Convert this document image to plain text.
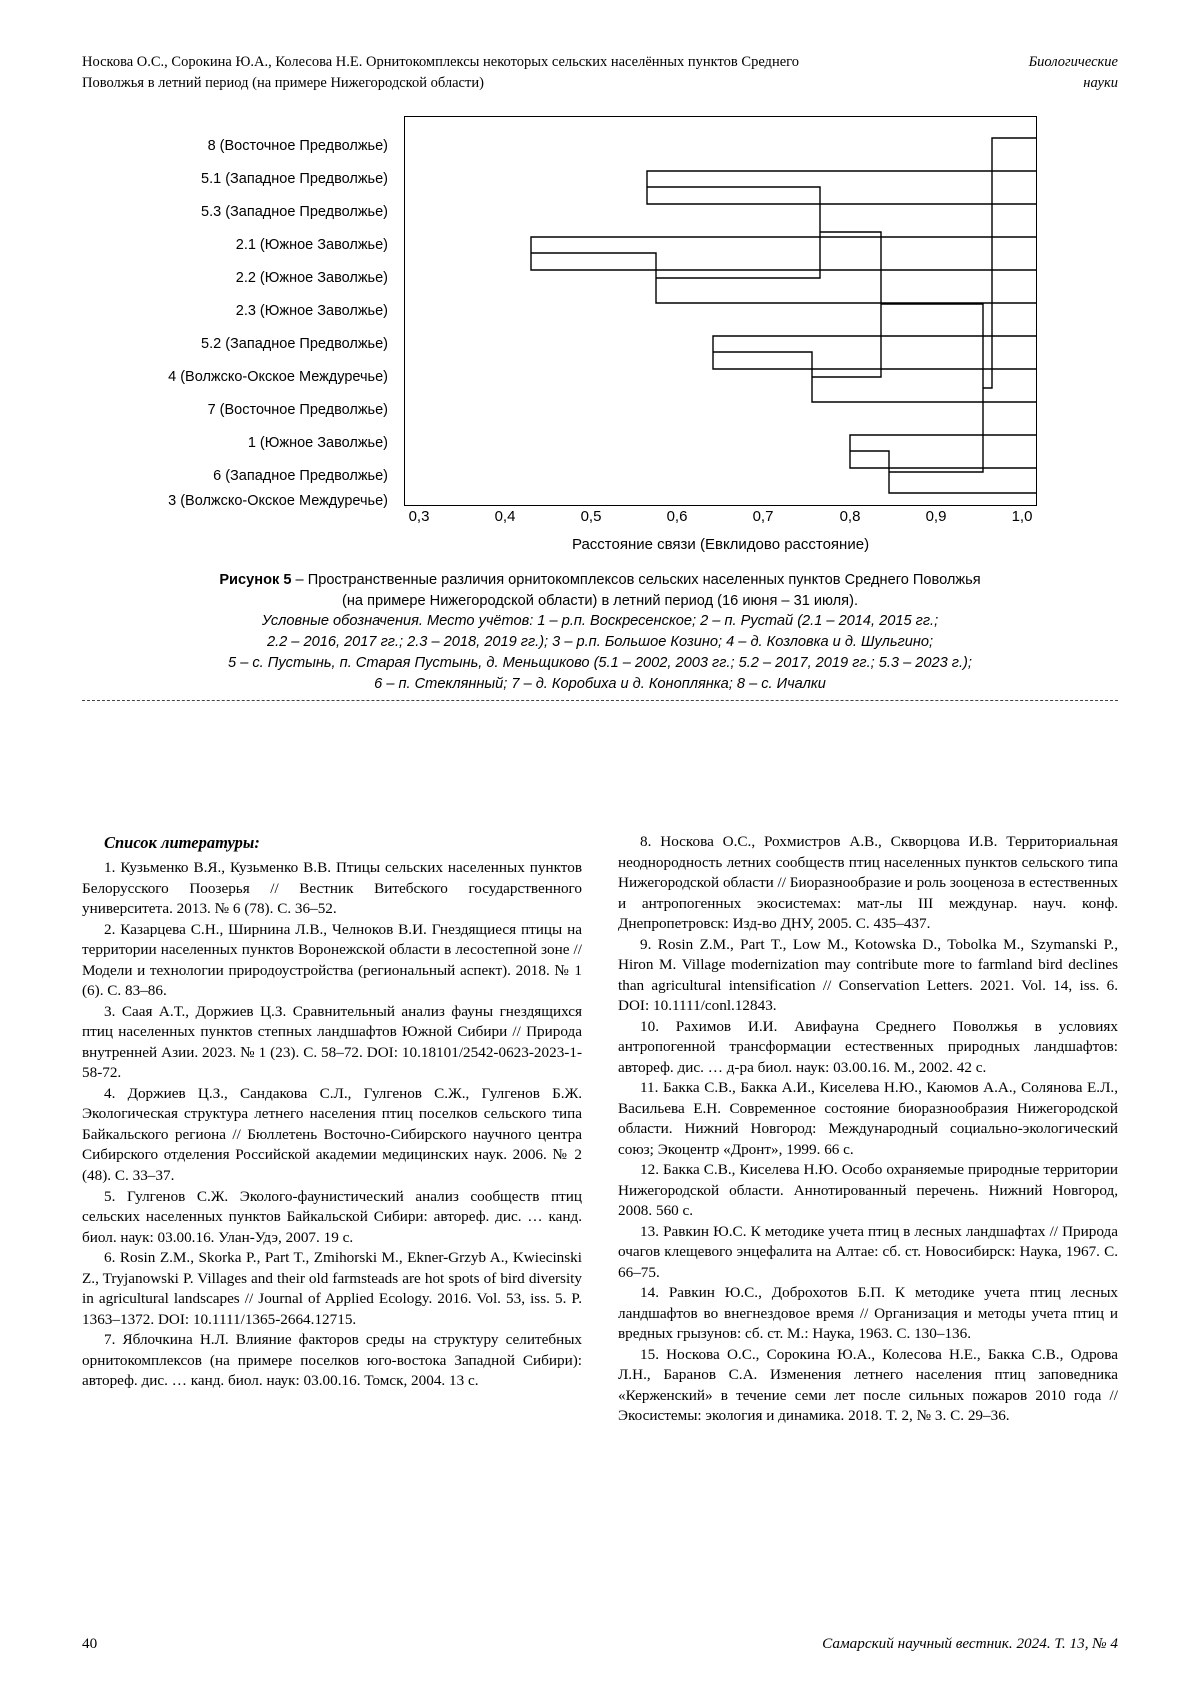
Носкова О.С., Сорокина Ю.А., Колесова Н.Е. Орнитокомплексы некоторых сельских населённых пунктов Среднего Поволжья в летний период (на примере Нижегородской области)
Биологические
науки
8 (Восточное Предволжье)
5.1 (Западное Предволжье)
5.3 (Западное Предволжье)
2.1 (Южное Заволжье)
2.2 (Южное Заволжье)
2.3 (Южное Заволжье)
5.2 (Западное Предволжье)
4 (Волжско-Окское Междуречье)
7 (Восточное Предволжье)
1 (Южное Заволжье)
6 (Западное Предволжье)
3 (Волжско-Окское Междуречье)
0,3	0,4	0,5	0,6	0,7	0,8	0,9	1,0
Расстояние связи (Евклидово расстояние)
Рисунок 5 – Пространственные различия орнитокомплексов сельских населенных пунктов Среднего Поволжья
(на примере Нижегородской области) в летний период (16 июня – 31 июля).
Условные обозначения. Место учётов: 1 – р.п. Воскресенское; 2 – п. Рустай (2.1 – 2014, 2015 гг.;
2.2 – 2016, 2017 гг.; 2.3 – 2018, 2019 гг.); 3 – р.п. Большое Козино; 4 – д. Козловка и д. Шульгино;
5 – с. Пустынь, п. Старая Пустынь, д. Меньщиково (5.1 – 2002, 2003 гг.; 5.2 – 2017, 2019 гг.; 5.3 – 2023 г.);
6 – п. Стеклянный; 7 – д. Коробиха и д. Коноплянка; 8 – с. Ичалки
Список литературы:

1. Кузьменко В.Я., Кузьменко В.В. Птицы сельских населенных пунктов Белорусского Поозерья // Вестник Витебского государственного университета. 2013. № 6 (78). С. 36–52.

2. Казарцева С.Н., Ширнина Л.В., Челноков В.И. Гнездящиеся птицы на территории населенных пунктов Воронежской области в лесостепной зоне // Модели и технологии природоустройства (региональный аспект). 2018. № 1 (6). С. 83–86.

3. Саая А.Т., Доржиев Ц.З. Сравнительный анализ фауны гнездящихся птиц населенных пунктов степных ландшафтов Южной Сибири // Природа внутренней Азии. 2023. № 1 (23). С. 58–72. DOI: 10.18101/2542-0623-2023-1-58-72.

4. Доржиев Ц.З., Сандакова С.Л., Гулгенов С.Ж., Гулгенов Б.Ж. Экологическая структура летнего населения птиц поселков сельского типа Байкальского региона // Бюллетень Восточно-Сибирского научного центра Сибирского отделения Российской академии медицинских наук. 2006. № 2 (48). С. 33–37.

5. Гулгенов С.Ж. Эколого-фаунистический анализ сообществ птиц сельских населенных пунктов Байкальской Сибири: автореф. дис. … канд. биол. наук: 03.00.16. Улан-Удэ, 2007. 19 с.

6. Rosin Z.M., Skorka P., Part T., Zmihorski M., Ekner-Grzyb A., Kwiecinski Z., Tryjanowski P. Villages and their old farmsteads are hot spots of bird diversity in agricultural landscapes // Journal of Applied Ecology. 2016. Vol. 53, iss. 5. P. 1363–1372. DOI: 10.1111/1365-2664.12715.

7. Яблочкина Н.Л. Влияние факторов среды на структуру селитебных орнитокомплексов (на примере поселков юго-востока Западной Сибири): автореф. дис. … канд. биол. наук: 03.00.16. Томск, 2004. 13 с.

8. Носкова О.С., Рохмистров А.В., Скворцова И.В. Территориальная неоднородность летних сообществ птиц населенных пунктов сельского типа Нижегородской области // Биоразнообразие и роль зооценоза в естественных и антропогенных экосистемах: мат-лы III междунар. науч. конф. Днепропетровск: Изд-во ДНУ, 2005. С. 435–437.

9. Rosin Z.M., Part T., Low M., Kotowska D., Tobolka M., Szymanski P., Hiron M. Village modernization may contribute more to farmland bird declines than agricultural intensification // Conservation Letters. 2021. Vol. 14, iss. 6. DOI: 10.1111/conl.12843.

10. Рахимов И.И. Авифауна Среднего Поволжья в условиях антропогенной трансформации естественных природных ландшафтов: автореф. дис. … д-ра биол. наук: 03.00.16. М., 2002. 42 с.

11. Бакка С.В., Бакка А.И., Киселева Н.Ю., Каюмов А.А., Солянова Е.Л., Васильева Е.Н. Современное состояние биоразнообразия Нижегородской области. Нижний Новгород: Международный социально-экологический союз; Экоцентр «Дронт», 1999. 66 с.

12. Бакка С.В., Киселева Н.Ю. Особо охраняемые природные территории Нижегородской области. Аннотированный перечень. Нижний Новгород, 2008. 560 с.

13. Равкин Ю.С. К методике учета птиц в лесных ландшафтах // Природа очагов клещевого энцефалита на Алтае: сб. ст. Новосибирск: Наука, 1967. С. 66–75.

14. Равкин Ю.С., Доброхотов Б.П. К методике учета птиц лесных ландшафтов во внегнездовое время // Организация и методы учета птиц и вредных грызунов: сб. ст. М.: Наука, 1963. С. 130–136.

15. Носкова О.С., Сорокина Ю.А., Колесова Н.Е., Бакка С.В., Одрова Л.Н., Баранов С.А. Изменения летнего населения птиц заповедника «Керженский» в течение семи лет после сильных пожаров 2010 года // Экосистемы: экология и динамика. 2018. Т. 2, № 3. С. 29–36.

40	Самарский научный вестник. 2024. Т. 13, № 4
